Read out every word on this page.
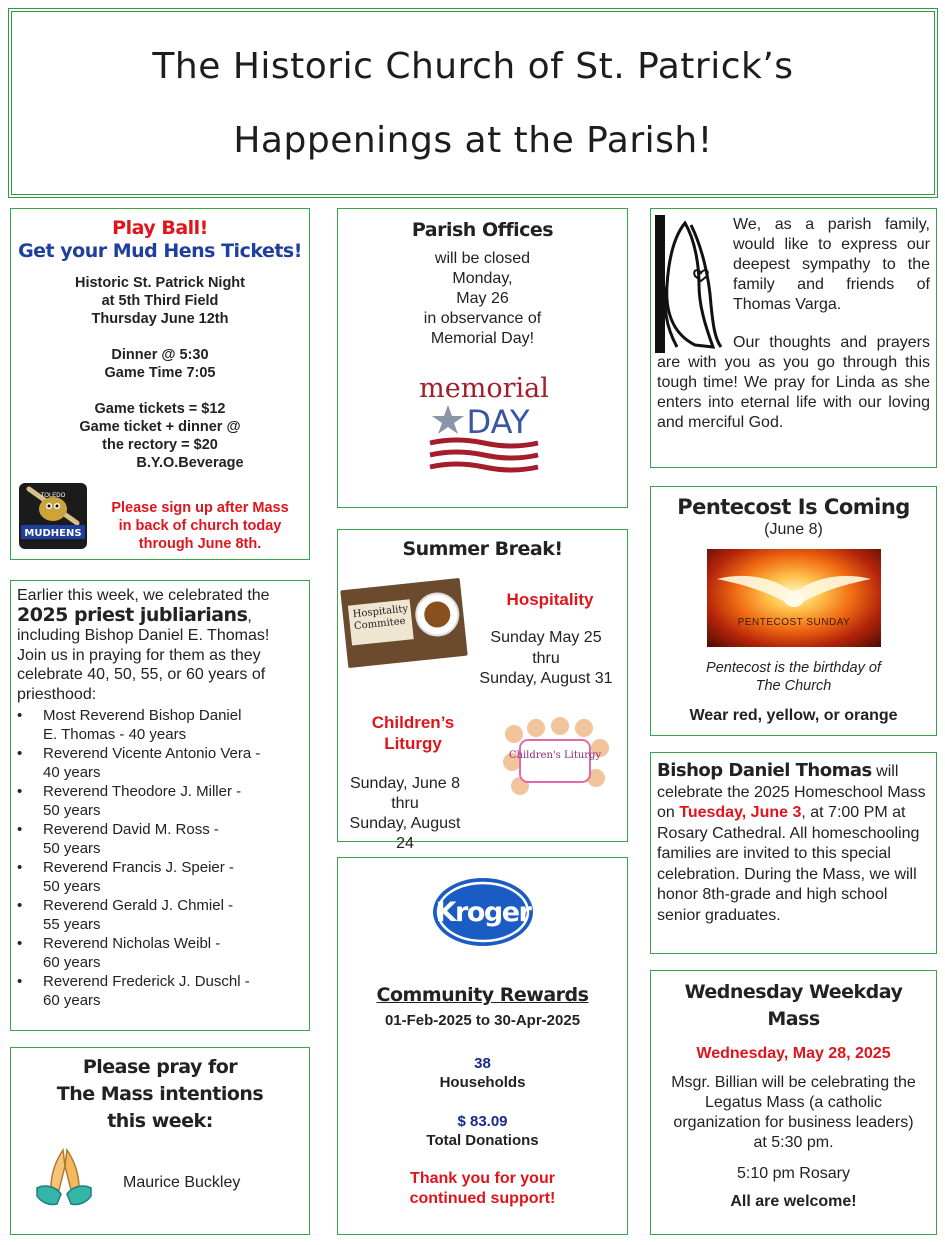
The Historic Church of St. Patrick’s
Happenings at the Parish!
Play Ball!
Get your Mud Hens Tickets!
Historic St. Patrick Night
at 5th Third Field
Thursday June 12th
Dinner @ 5:30
Game Time 7:05
Game tickets = $12
Game ticket + dinner @
the rectory = $20
B.Y.O.Beverage
TOLEDO
MUDHENS
Please sign up after Mass
in back of church today
through June 8th.
Parish Offices
will be closed
Monday,
May 26
in observance of
Memorial Day!
memorial
DAY
We, as a parish family, would like to express our deepest sympathy to the family and friends of Thomas Varga.
Our thoughts and prayers are with you as you go through this tough time! We pray for Linda as she enters into eternal life with our loving and merciful God.
Earlier this week, we celebrated the 2025 priest jubliarians, including Bishop Daniel E. Thomas! Join us in praying for them as they celebrate 40, 50, 55, or 60 years of priesthood:
• Most Reverend Bishop Daniel
E. Thomas - 40 years
• Reverend Vicente Antonio Vera -
40 years
• Reverend Theodore J. Miller -
50 years
• Reverend David M. Ross -
50 years
• Reverend Francis J. Speier -
50 years
• Reverend Gerald J. Chmiel -
55 years
• Reverend Nicholas Weibl -
60 years
• Reverend Frederick J. Duschl -
60 years
Summer Break!
Hospitality Commitee
Hospitality
Sunday May 25
thru
Sunday, August 31
Children’s
Liturgy
Children's Liturgy
Sunday, June 8
thru
Sunday, August 24
Pentecost Is Coming
(June 8)
PENTECOST SUNDAY
Pentecost is the birthday of
The Church
Wear red, yellow, or orange
Bishop Daniel Thomas will celebrate the 2025 Homeschool Mass on Tuesday, June 3, at 7:00 PM at Rosary Cathedral. All homeschooling families are invited to this special celebration. During the Mass, we will honor 8th-grade and high school senior graduates.
Kroger
Community Rewards
01-Feb-2025 to 30-Apr-2025
38
Households
$ 83.09
Total Donations
Thank you for your
continued support!
Please pray for
The Mass intentions
this week:
Maurice Buckley
Wednesday Weekday
Mass
Wednesday, May 28, 2025
Msgr. Billian will be celebrating the Legatus Mass (a catholic organization for business leaders) at 5:30 pm.
5:10 pm Rosary
All are welcome!
